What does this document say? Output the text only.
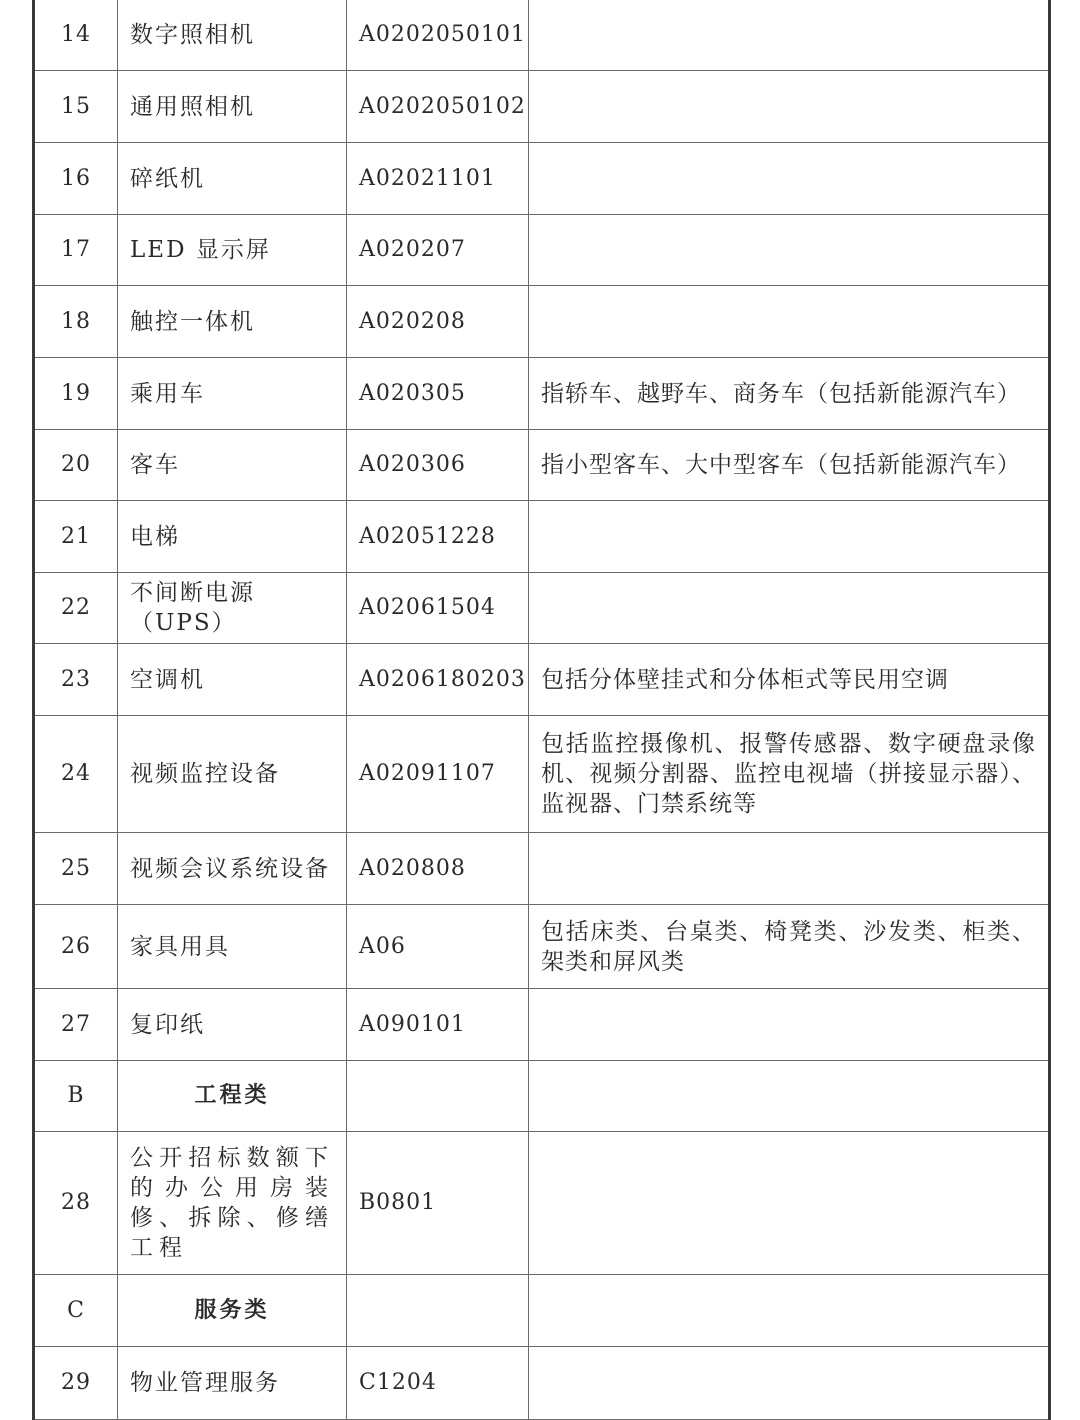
14	数字照相机	A0202050101	
15	通用照相机	A0202050102	
16	碎纸机	A02021101	
17	LED 显示屏	A020207	
18	触控一体机	A020208	
19	乘用车	A020305	指轿车、越野车、商务车（包括新能源汽车）
20	客车	A020306	指小型客车、大中型客车（包括新能源汽车）
21	电梯	A02051228	
22	不间断电源（UPS）	A02061504	
23	空调机	A0206180203	包括分体壁挂式和分体柜式等民用空调
24	视频监控设备	A02091107	包括监控摄像机、报警传感器、数字硬盘录像机、视频分割器、监控电视墙（拼接显示器）、监视器、门禁系统等
25	视频会议系统设备	A020808	
26	家具用具	A06	包括床类、台桌类、椅凳类、沙发类、柜类、架类和屏风类
27	复印纸	A090101	
B	工程类		
28	公开招标数额下的办公用房装修、拆除、修缮工程	B0801	
C	服务类		
29	物业管理服务	C1204	
